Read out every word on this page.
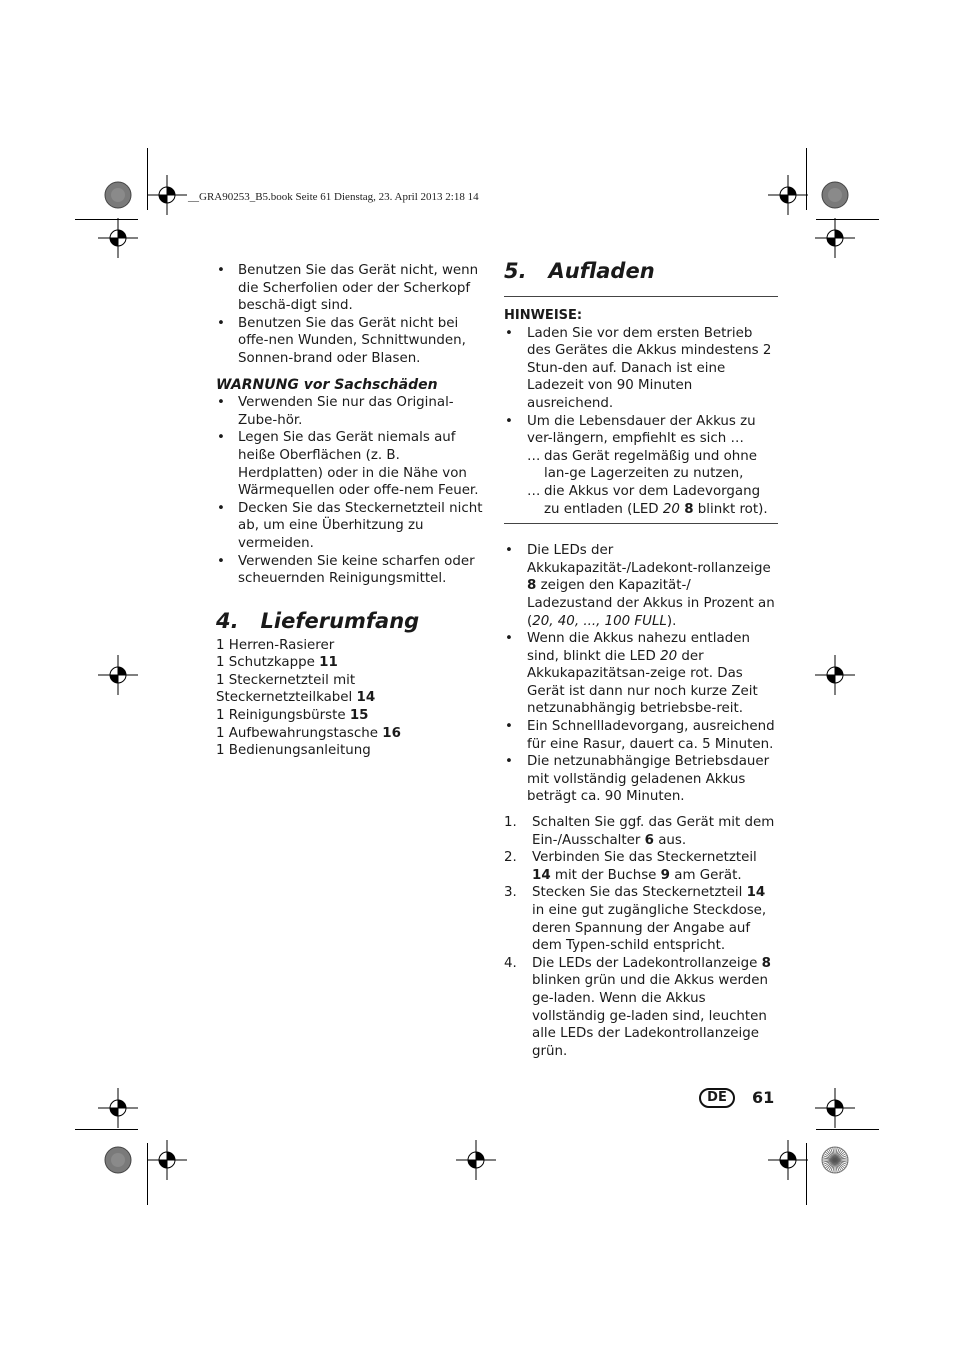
__GRA90253_B5.book Seite 61 Dienstag, 23. April 2013 2:18 14
• Benutzen Sie das Gerät nicht, wenn die Scherfolien oder der Scherkopf beschä-digt sind.
• Benutzen Sie das Gerät nicht bei offe-nen Wunden, Schnittwunden, Sonnen-brand oder Blasen.
WARNUNG vor Sachschäden
• Verwenden Sie nur das Original-Zube-hör.
• Legen Sie das Gerät niemals auf heiße Oberflächen (z. B. Herdplatten) oder in die Nähe von Wärmequellen oder offe-nem Feuer.
• Decken Sie das Steckernetzteil nicht ab, um eine Überhitzung zu vermeiden.
• Verwenden Sie keine scharfen oder scheuernden Reinigungsmittel.
4.   Lieferumfang
1 Herren-Rasierer
1 Schutzkappe 11
1 Steckernetzteil mit Steckernetzteilkabel 14
1 Reinigungsbürste 15
1 Aufbewahrungstasche 16
1 Bedienungsanleitung
5.   Aufladen
HINWEISE:
• Laden Sie vor dem ersten Betrieb des Gerätes die Akkus mindestens 2 Stun-den auf. Danach ist eine Ladezeit von 90 Minuten ausreichend.
• Um die Lebensdauer der Akkus zu ver-längern, empfiehlt es sich …
… das Gerät regelmäßig und ohne lan-ge Lagerzeiten zu nutzen,
… die Akkus vor dem Ladevorgang zu entladen (LED 20 8 blinkt rot).
• Die LEDs der Akkukapazität-/Ladekont-rollanzeige 8 zeigen den Kapazität-/ Ladezustand der Akkus in Prozent an (20, 40, ..., 100 FULL).
• Wenn die Akkus nahezu entladen sind, blinkt die LED 20 der Akkukapazitätsan-zeige rot. Das Gerät ist dann nur noch kurze Zeit netzunabhängig betriebsbe-reit.
• Ein Schnellladevorgang, ausreichend für eine Rasur, dauert ca. 5 Minuten.
• Die netzunabhängige Betriebsdauer mit vollständig geladenen Akkus beträgt ca. 90 Minuten.
1. Schalten Sie ggf. das Gerät mit dem Ein-/Ausschalter 6 aus.
2. Verbinden Sie das Steckernetzteil 14 mit der Buchse 9 am Gerät.
3. Stecken Sie das Steckernetzteil 14 in eine gut zugängliche Steckdose, deren Spannung der Angabe auf dem Typen-schild entspricht.
4. Die LEDs der Ladekontrollanzeige 8 blinken grün und die Akkus werden ge-laden. Wenn die Akkus vollständig ge-laden sind, leuchten alle LEDs der Ladekontrollanzeige grün.
DE	61
